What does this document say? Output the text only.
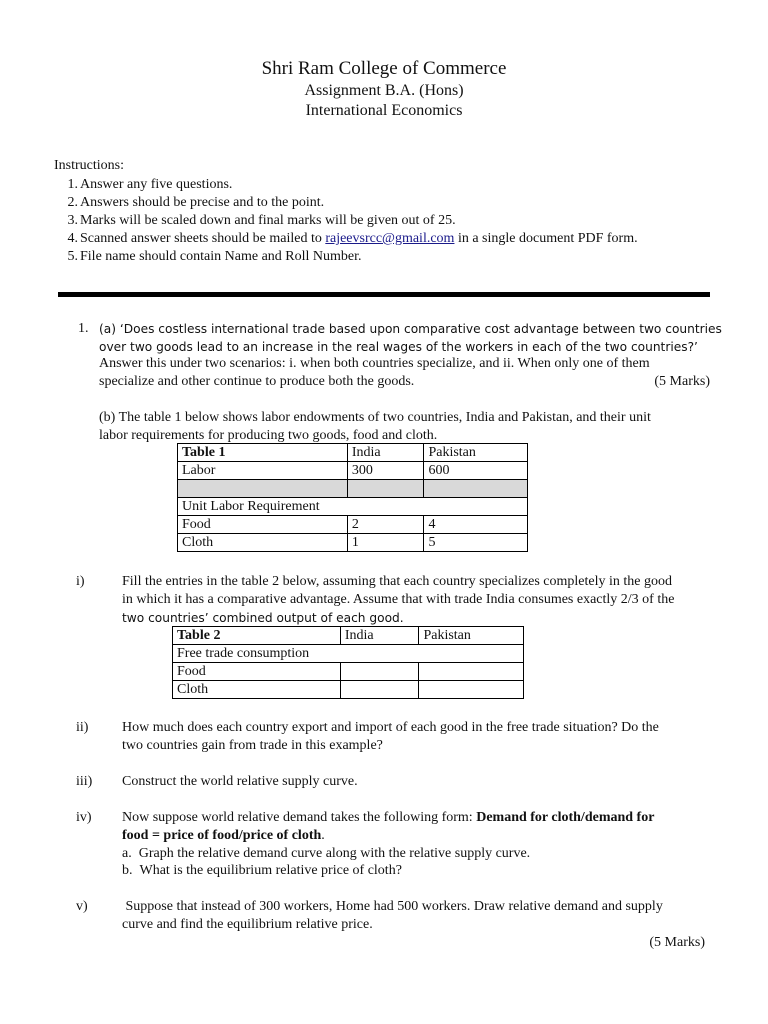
Shri Ram College of Commerce
Assignment B.A. (Hons)
International Economics
Instructions:
1. Answer any five questions.
2. Answers should be precise and to the point.
3. Marks will be scaled down and final marks will be given out of 25.
4. Scanned answer sheets should be mailed to rajeevsrcc@gmail.com in a single document PDF form.
5. File name should contain Name and Roll Number.
1. (a) ‘Does costless international trade based upon comparative cost advantage between two countries
over two goods lead to an increase in the real wages of the workers in each of the two countries?’
Answer this under two scenarios: i. when both countries specialize, and ii. When only one of them
specialize and other continue to produce both the goods.	(5 Marks)
(b) The table 1 below shows labor endowments of two countries, India and Pakistan, and their unit
labor requirements for producing two goods, food and cloth.
Table 1	India	Pakistan
Labor	300	600

Unit Labor Requirement		
Food	2	4
Cloth	1	5
i)	Fill the entries in the table 2 below, assuming that each country specializes completely in the good
in which it has a comparative advantage. Assume that with trade India consumes exactly 2/3 of the
two countries’ combined output of each good.
Table 2	India	Pakistan
Free trade consumption		
Food		
Cloth		
ii) How much does each country export and import of each good in the free trade situation? Do the
two countries gain from trade in this example?
iii) Construct the world relative supply curve.
iv) Now suppose world relative demand takes the following form: Demand for cloth/demand for
food = price of food/price of cloth.
a. Graph the relative demand curve along with the relative supply curve.
b. What is the equilibrium relative price of cloth?
v) Suppose that instead of 300 workers, Home had 500 workers. Draw relative demand and supply
curve and find the equilibrium relative price.
(5 Marks)
